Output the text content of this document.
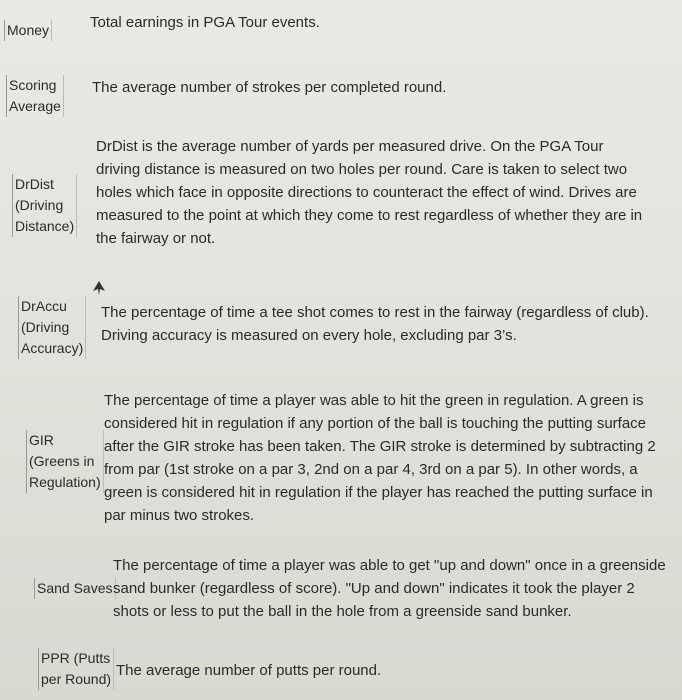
Money	Total earnings in PGA Tour events.
Scoring
Average
The average number of strokes per completed round.
DrDist
(Driving
Distance)
DrDist is the average number of yards per measured drive. On the PGA Tour
driving distance is measured on two holes per round. Care is taken to select two
holes which face in opposite directions to counteract the effect of wind. Drives are
measured to the point at which they come to rest regardless of whether they are in
the fairway or not.
DrAccu
(Driving
Accuracy)
The percentage of time a tee shot comes to rest in the fairway (regardless of club).
Driving accuracy is measured on every hole, excluding par 3’s.
GIR
(Greens in
Regulation)
The percentage of time a player was able to hit the green in regulation. A green is
considered hit in regulation if any portion of the ball is touching the putting surface
after the GIR stroke has been taken. The GIR stroke is determined by subtracting 2
from par (1st stroke on a par 3, 2nd on a par 4, 3rd on a par 5). In other words, a
green is considered hit in regulation if the player has reached the putting surface in
par minus two strokes.
Sand Saves
The percentage of time a player was able to get "up and down" once in a greenside
sand bunker (regardless of score). "Up and down" indicates it took the player 2
shots or less to put the ball in the hole from a greenside sand bunker.
PPR (Putts
per Round) The average number of putts per round.
